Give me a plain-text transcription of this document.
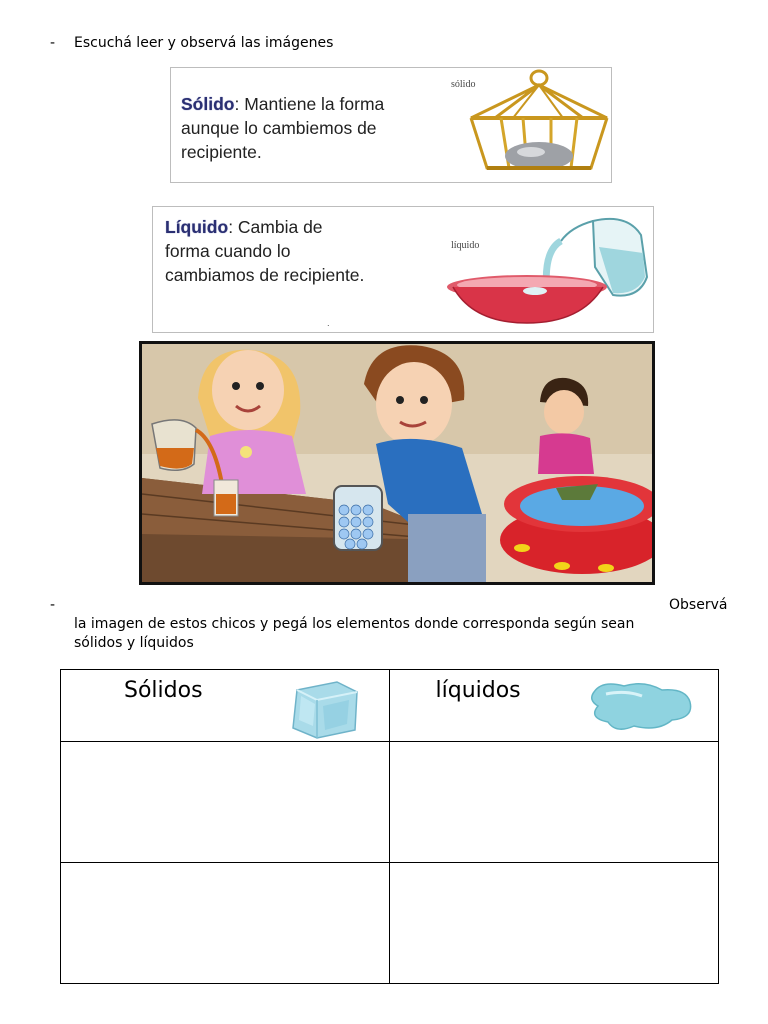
- Escuchá leer y observá las imágenes
Sólido: Mantiene la forma
aunque lo cambiemos de
recipiente.
sólido
Líquido: Cambia de
forma cuando lo
cambiamos de recipiente.
líquido
.
-	Observá
la imagen de estos chicos y pegá los elementos donde corresponda según sean
sólidos y líquidos
Sólidos	líquidos
